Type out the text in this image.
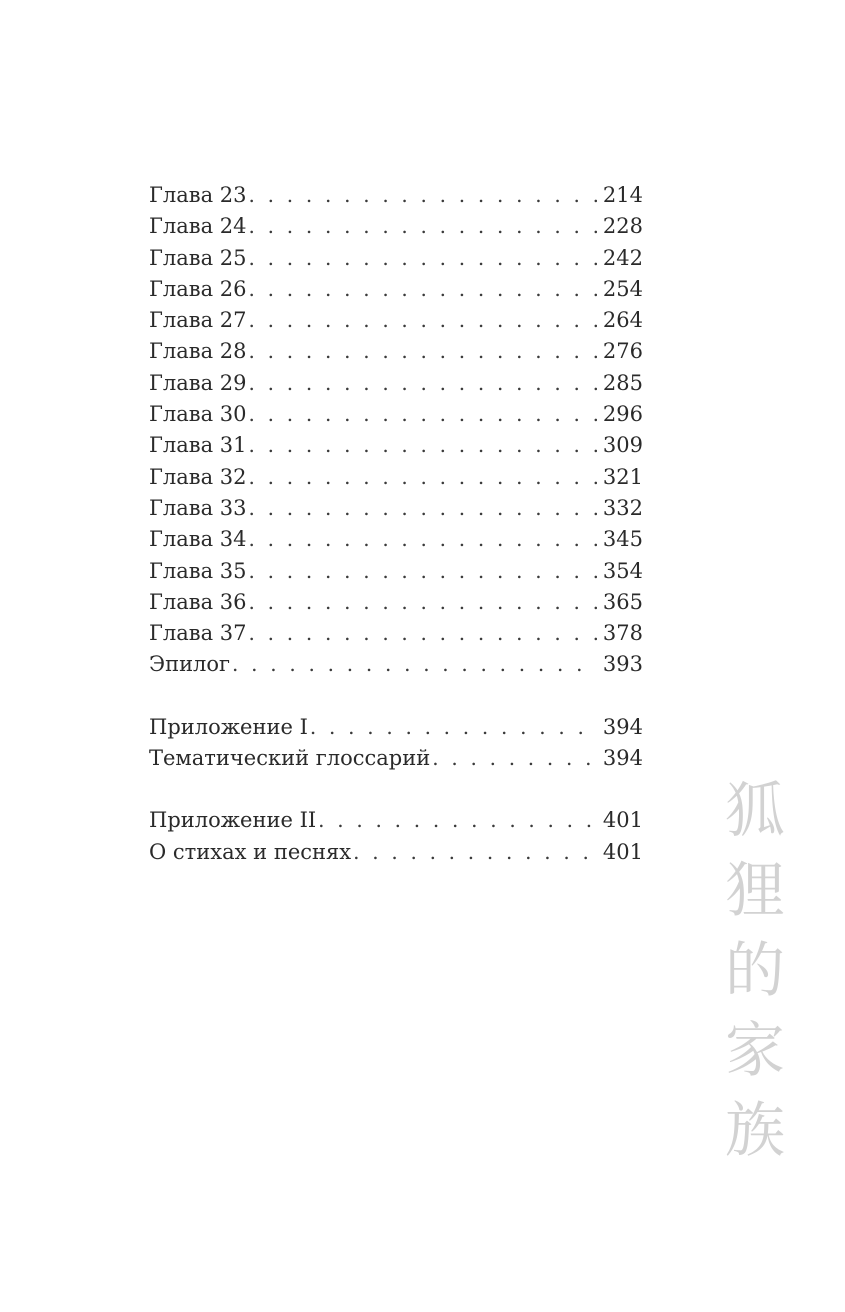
Глава 23 . . .	214
Глава 24 . . .	228
Глава 25 . . .	242
Глава 26 . . .	254
Глава 27 . . .	264
Глава 28 . . .	276
Глава 29 . . .	285
Глава 30 . . .	296
Глава 31 . . .	309
Глава 32 . . .	321
Глава 33 . . .	332
Глава 34 . . .	345
Глава 35 . . .	354
Глава 36 . . .	365
Глава 37 . . .	378
Эпилог . . .	393
Приложение I . . .	394
Тематический глоссарий . . .	394
Приложение II . . .	401
О стихах и песнях . . .	401 狐狸的家族
